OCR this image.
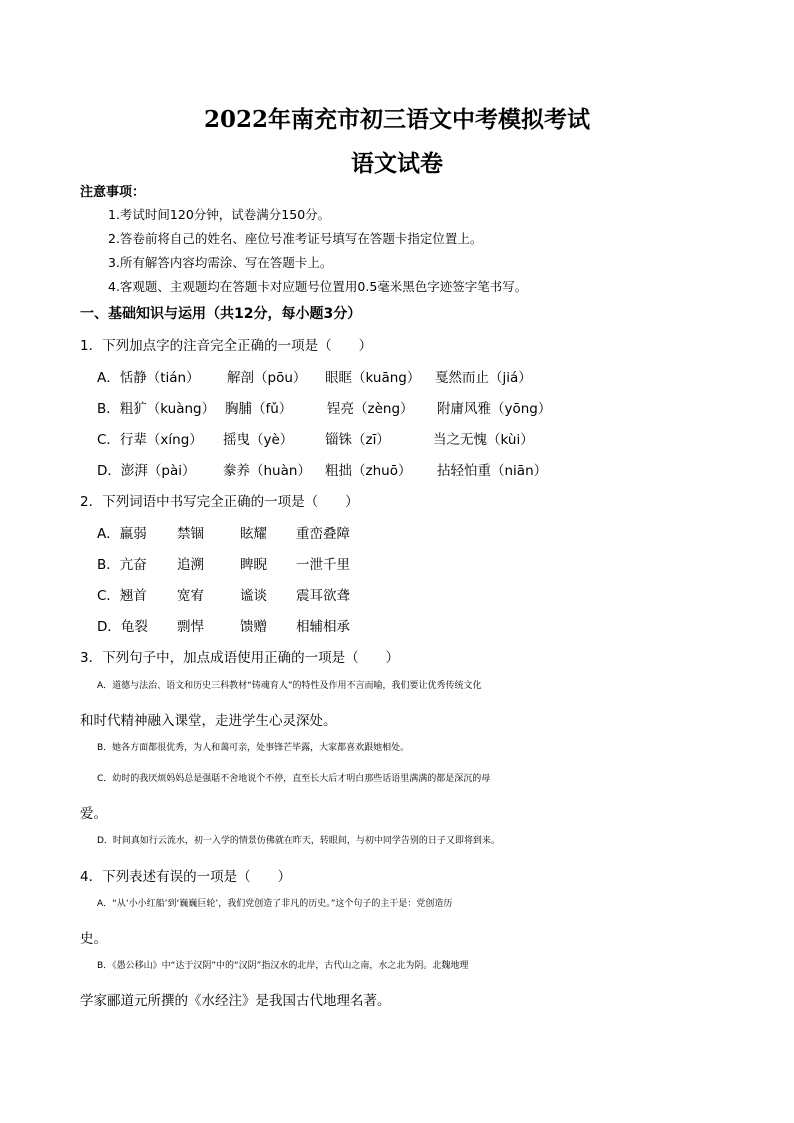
2022年南充市初三语文中考模拟考试
语文试卷
注意事项：
1.考试时间120分钟，试卷满分150分。
2.答卷前将自己的姓名、座位号准考证号填写在答题卡指定位置上。
3.所有解答内容均需涂、写在答题卡上。
4.客观题、主观题均在答题卡对应题号位置用0.5毫米黑色字迹签字笔书写。
一、基础知识与运用（共12分，每小题3分）
1．下列加点字的注音完全正确的一项是（　　）
A．恬静（tián） 解剖（pōu） 眼眶（kuāng） 戛然而止（jiá）
B．粗犷（kuàng） 胸脯（fǔ）	锃亮（zèng） 附庸风雅（yōng）
C．行辈（xíng） 摇曳（yè） 锱铢（zī）	当之无愧（kùi）
D．澎湃（pài） 豢养（huàn） 粗拙（zhuō） 拈轻怕重（niān）
2．下列词语中书写完全正确的一项是（　　）
A．羸弱 禁锢	眩耀 重峦叠障
B．亢奋 追溯	睥睨 一泄千里
C．翘首 宽宥	谧谈 震耳欲聋
D．龟裂 剽悍	馈赠 相辅相承
3．下列句子中，加点成语使用正确的一项是（　　）
A．道德与法治、语文和历史三科教材“铸魂育人”的特性及作用不言而喻，我们要让优秀传统文化
和时代精神融入课堂，走进学生心灵深处。
B．她各方面都很优秀，为人和蔼可亲，处事锋芒毕露，大家都喜欢跟她相处。
C．幼时的我厌烦妈妈总是强聒不舍地说个不停，直至长大后才明白那些话语里满满的都是深沉的母
爱。
D．时间真如行云流水，初一入学的情景仿佛就在昨天，转眼间，与初中同学告别的日子又即将到来。
4．下列表述有误的一项是（　　）
A．“从‘小小红船’到‘巍巍巨轮’，我们党创造了非凡的历史。”这个句子的主干是：党创造历
史。
B．《愚公移山》中“达于汉阴”中的“汉阴”指汉水的北岸，古代山之南，水之北为阴。北魏地理
学家郦道元所撰的《水经注》是我国古代地理名著。
